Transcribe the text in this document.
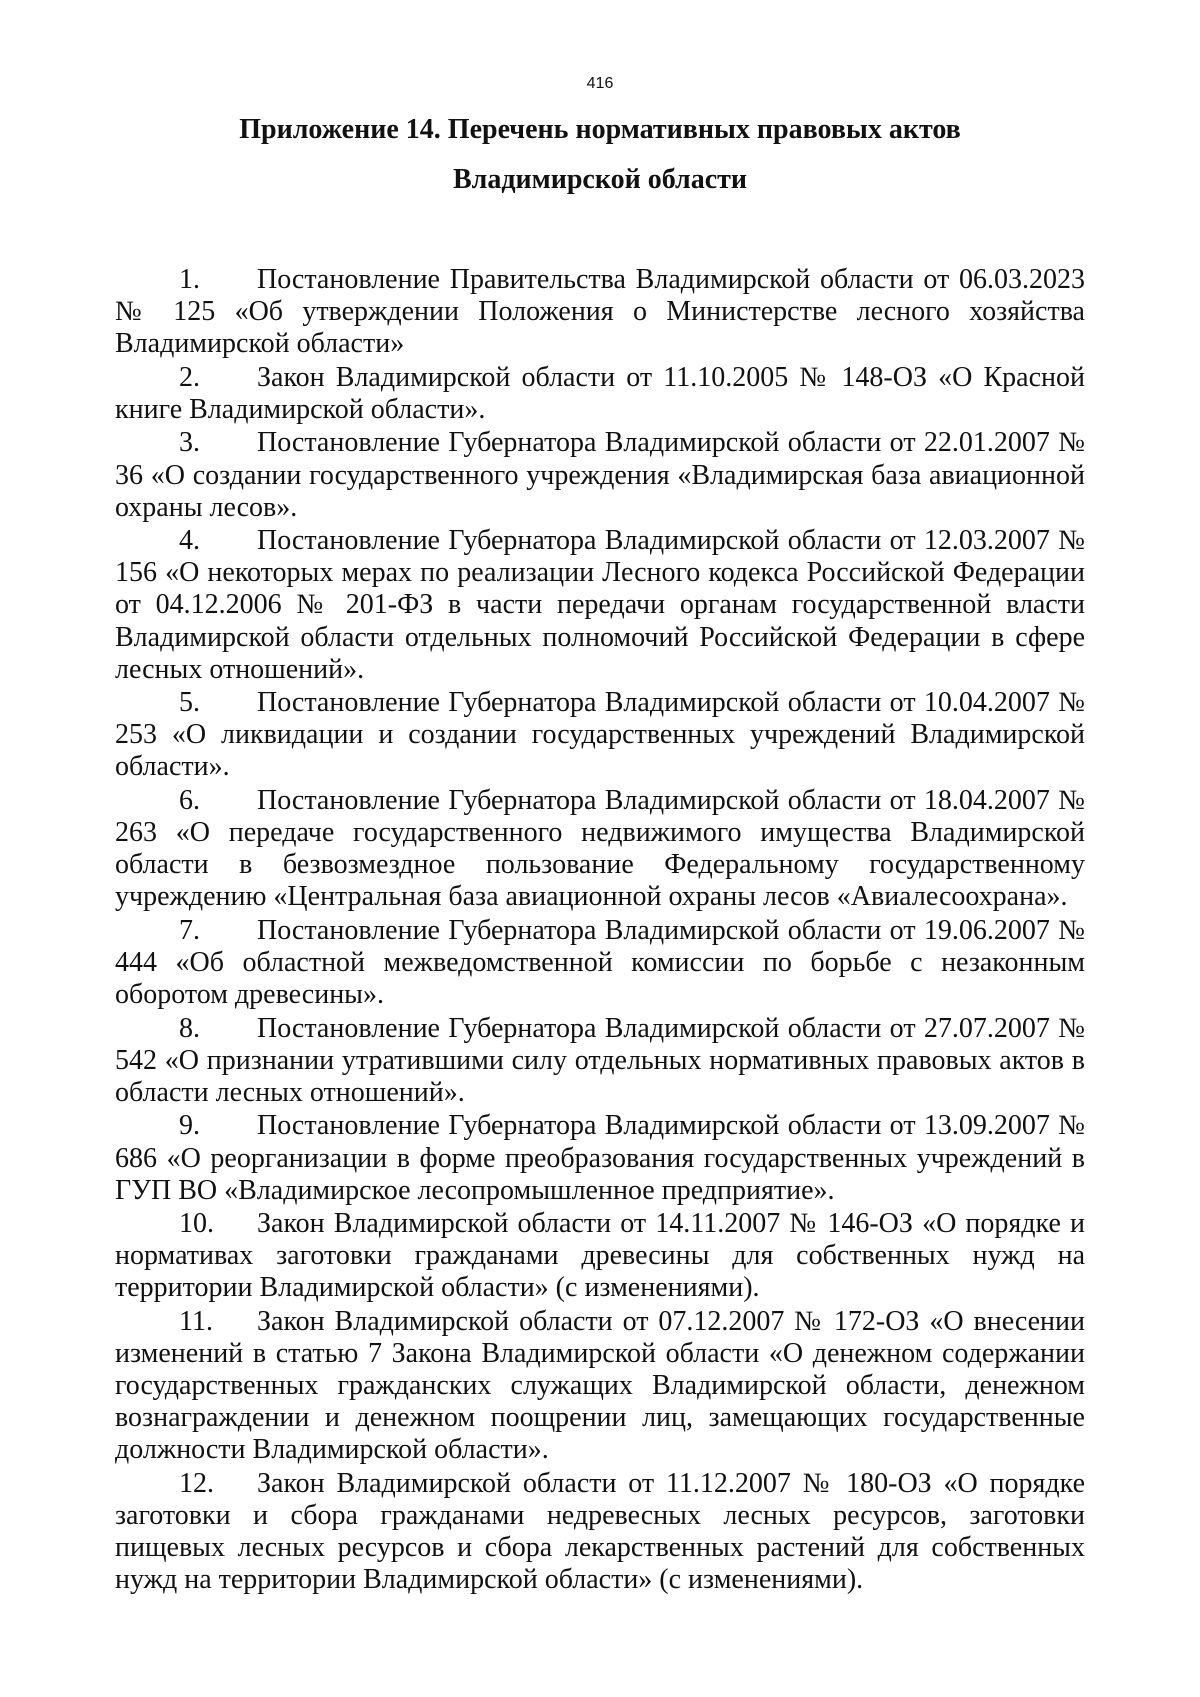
416
Приложение 14. Перечень нормативных правовых актов
Владимирской области
1. Постановление Правительства Владимирской области от 06.03.2023 № 125 «Об утверждении Положения о Министерстве лесного хозяйства Владимирской области»
2. Закон Владимирской области от 11.10.2005 № 148-ОЗ «О Красной книге Владимирской области».
3. Постановление Губернатора Владимирской области от 22.01.2007 № 36 «О создании государственного учреждения «Владимирская база авиационной охраны лесов».
4. Постановление Губернатора Владимирской области от 12.03.2007 № 156 «О некоторых мерах по реализации Лесного кодекса Российской Федерации от 04.12.2006 № 201-ФЗ в части передачи органам государственной власти Владимирской области отдельных полномочий Российской Федерации в сфере лесных отношений».
5. Постановление Губернатора Владимирской области от 10.04.2007 № 253 «О ликвидации и создании государственных учреждений Владимирской области».
6. Постановление Губернатора Владимирской области от 18.04.2007 № 263 «О передаче государственного недвижимого имущества Владимирской области в безвозмездное пользование Федеральному государственному учреждению «Центральная база авиационной охраны лесов «Авиалесоохрана».
7. Постановление Губернатора Владимирской области от 19.06.2007 № 444 «Об областной межведомственной комиссии по борьбе с незаконным оборотом древесины».
8. Постановление Губернатора Владимирской области от 27.07.2007 № 542 «О признании утратившими силу отдельных нормативных правовых актов в области лесных отношений».
9. Постановление Губернатора Владимирской области от 13.09.2007 № 686 «О реорганизации в форме преобразования государственных учреждений в ГУП ВО «Владимирское лесопромышленное предприятие».
10. Закон Владимирской области от 14.11.2007 № 146-ОЗ «О порядке и нормативах заготовки гражданами древесины для собственных нужд на территории Владимирской области» (с изменениями).
11. Закон Владимирской области от 07.12.2007 № 172-ОЗ «О внесении изменений в статью 7 Закона Владимирской области «О денежном содержании государственных гражданских служащих Владимирской области, денежном вознаграждении и денежном поощрении лиц, замещающих государственные должности Владимирской области».
12. Закон Владимирской области от 11.12.2007 № 180-ОЗ «О порядке заготовки и сбора гражданами недревесных лесных ресурсов, заготовки пищевых лесных ресурсов и сбора лекарственных растений для собственных нужд на территории Владимирской области» (с изменениями).
